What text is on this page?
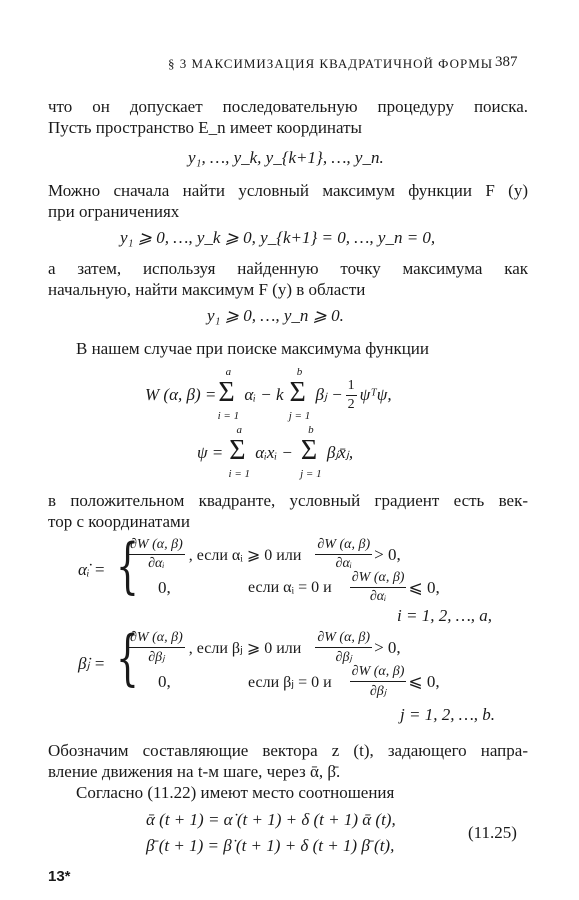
§ 3 МАКСИМИЗАЦИЯ КВАДРАТИЧНОЙ ФОРМЫ 387
что он допускает последовательную процедуру поиска.
Пусть пространство E_n имеет координаты
y₁, …, y_k, y_{k+1}, …, y_n.
Можно сначала найти условный максимум функции F (y)
при ограничениях
y₁ ⩾ 0, …, y_k ⩾ 0, y_{k+1} = 0, …, y_n = 0,
а затем, используя найденную точку максимума как
начальную, найти максимум F (y) в области
y₁ ⩾ 0, …, y_n ⩾ 0.
В нашем случае при поиске максимума функции
W (α, β) =
a
Σ
i = 1
αᵢ − k
b
Σ
j = 1
βⱼ − $\frac{1}{2}$ ψᵀψ,
ψ =
a
Σ
i = 1
αᵢxᵢ −
b
Σ
j = 1
βⱼx̄ⱼ,
в положительном квадранте, условный градиент есть век-
тор с координатами
α̇ᵢ = {
$\frac{\partial W (\alpha, \beta)}{\text{∂αᵢ}}$ , если αᵢ ⩾ 0 или $\frac{\partial W (\alpha, \beta)}{\text{∂αᵢ}} > 0$,
0,	если αᵢ = 0 и $\frac{\partial W (\alpha, \beta)}{\text{∂αᵢ}}$ ⩽ 0,
i = 1, 2, …, a,
β̇ⱼ = {
$\frac{\partial W (\alpha, \beta)}{\text{∂βⱼ}}$ , если βⱼ ⩾ 0 или $\frac{\partial W (\alpha, \beta)}{\text{∂βⱼ}} > 0$,
0,	если βⱼ = 0 и $\frac{\partial W (\alpha, \beta)}{\text{∂βⱼ}}$ ⩽ 0,
j = 1, 2, …, b.
Обозначим составляющие вектора z (t), задающего напра-
вление движения на t-м шаге, через ᾱ, β̄.
Согласно (11.22) имеют место соотношения
ᾱ (t + 1) = α̇ (t + 1) + δ (t + 1) ᾱ (t),
β̄ (t + 1) = β̇ (t + 1) + δ (t + 1) β̄ (t),
(11.25)
13*
